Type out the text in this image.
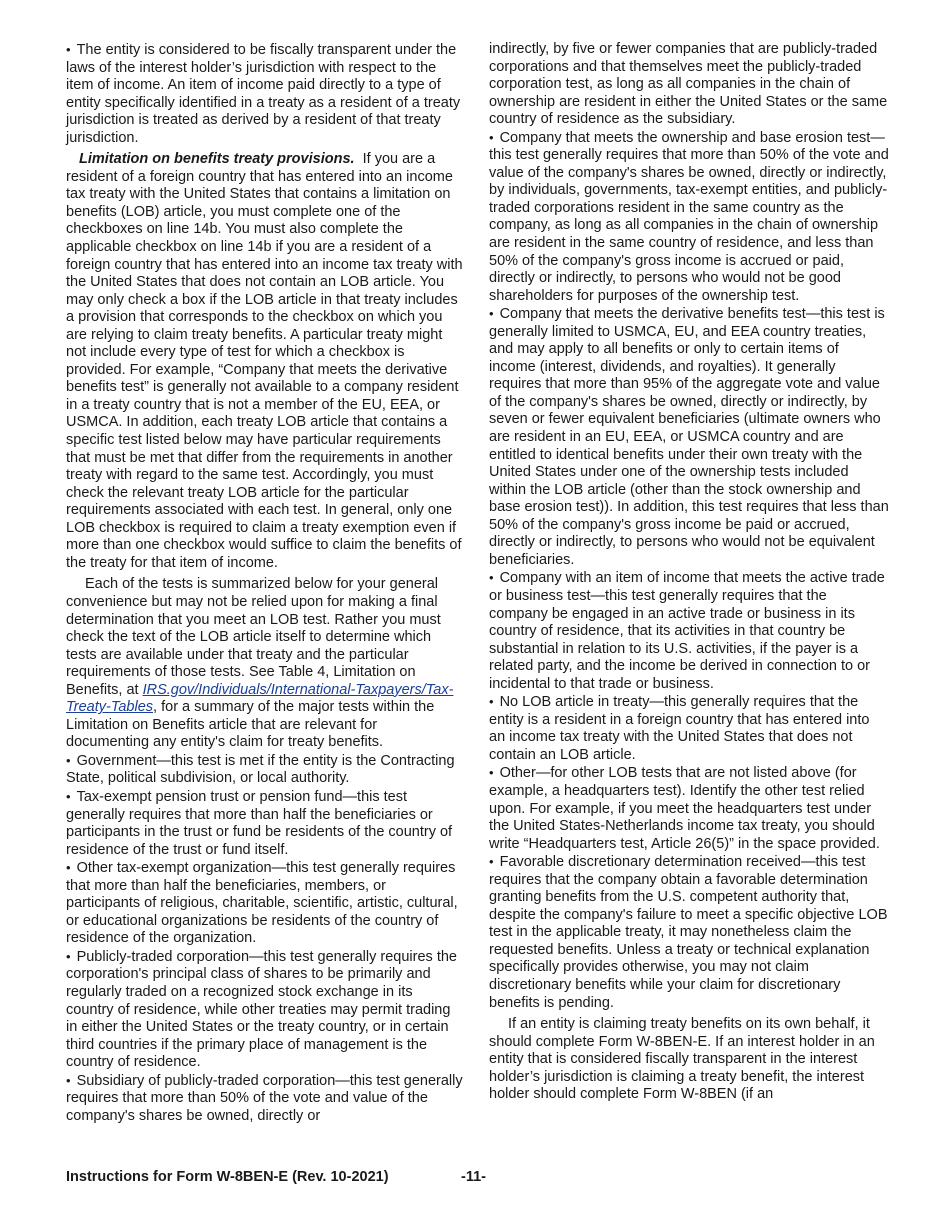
• The entity is considered to be fiscally transparent under the laws of the interest holder’s jurisdiction with respect to the item of income. An item of income paid directly to a type of entity specifically identified in a treaty as a resident of a treaty jurisdiction is treated as derived by a resident of that treaty jurisdiction.

Limitation on benefits treaty provisions. If you are a resident of a foreign country that has entered into an income tax treaty with the United States that contains a limitation on benefits (LOB) article, you must complete one of the checkboxes on line 14b. You must also complete the applicable checkbox on line 14b if you are a resident of a foreign country that has entered into an income tax treaty with the United States that does not contain an LOB article. You may only check a box if the LOB article in that treaty includes a provision that corresponds to the checkbox on which you are relying to claim treaty benefits. A particular treaty might not include every type of test for which a checkbox is provided. For example, “Company that meets the derivative benefits test” is generally not available to a company resident in a treaty country that is not a member of the EU, EEA, or USMCA. In addition, each treaty LOB article that contains a specific test listed below may have particular requirements that must be met that differ from the requirements in another treaty with regard to the same test. Accordingly, you must check the relevant treaty LOB article for the particular requirements associated with each test. In general, only one LOB checkbox is required to claim a treaty exemption even if more than one checkbox would suffice to claim the benefits of the treaty for that item of income.

Each of the tests is summarized below for your general convenience but may not be relied upon for making a final determination that you meet an LOB test. Rather you must check the text of the LOB article itself to determine which tests are available under that treaty and the particular requirements of those tests. See Table 4, Limitation on Benefits, at IRS.gov/Individuals/International-Taxpayers/Tax-Treaty-Tables, for a summary of the major tests within the Limitation on Benefits article that are relevant for documenting any entity's claim for treaty benefits.

• Government—this test is met if the entity is the Contracting State, political subdivision, or local authority.

• Tax-exempt pension trust or pension fund—this test generally requires that more than half the beneficiaries or participants in the trust or fund be residents of the country of residence of the trust or fund itself.

• Other tax-exempt organization—this test generally requires that more than half the beneficiaries, members, or participants of religious, charitable, scientific, artistic, cultural, or educational organizations be residents of the country of residence of the organization.

• Publicly-traded corporation—this test generally requires the corporation's principal class of shares to be primarily and regularly traded on a recognized stock exchange in its country of residence, while other treaties may permit trading in either the United States or the treaty country, or in certain third countries if the primary place of management is the country of residence.

• Subsidiary of publicly-traded corporation—this test generally requires that more than 50% of the vote and value of the company's shares be owned, directly or

indirectly, by five or fewer companies that are publicly-traded corporations and that themselves meet the publicly-traded corporation test, as long as all companies in the chain of ownership are resident in either the United States or the same country of residence as the subsidiary.

• Company that meets the ownership and base erosion test—this test generally requires that more than 50% of the vote and value of the company's shares be owned, directly or indirectly, by individuals, governments, tax-exempt entities, and publicly-traded corporations resident in the same country as the company, as long as all companies in the chain of ownership are resident in the same country of residence, and less than 50% of the company's gross income is accrued or paid, directly or indirectly, to persons who would not be good shareholders for purposes of the ownership test.

• Company that meets the derivative benefits test—this test is generally limited to USMCA, EU, and EEA country treaties, and may apply to all benefits or only to certain items of income (interest, dividends, and royalties). It generally requires that more than 95% of the aggregate vote and value of the company's shares be owned, directly or indirectly, by seven or fewer equivalent beneficiaries (ultimate owners who are resident in an EU, EEA, or USMCA country and are entitled to identical benefits under their own treaty with the United States under one of the ownership tests included within the LOB article (other than the stock ownership and base erosion test)). In addition, this test requires that less than 50% of the company's gross income be paid or accrued, directly or indirectly, to persons who would not be equivalent beneficiaries.

• Company with an item of income that meets the active trade or business test—this test generally requires that the company be engaged in an active trade or business in its country of residence, that its activities in that country be substantial in relation to its U.S. activities, if the payer is a related party, and the income be derived in connection to or incidental to that trade or business.

• No LOB article in treaty—this generally requires that the entity is a resident in a foreign country that has entered into an income tax treaty with the United States that does not contain an LOB article.

• Other—for other LOB tests that are not listed above (for example, a headquarters test). Identify the other test relied upon. For example, if you meet the headquarters test under the United States-Netherlands income tax treaty, you should write “Headquarters test, Article 26(5)” in the space provided.

• Favorable discretionary determination received—this test requires that the company obtain a favorable determination granting benefits from the U.S. competent authority that, despite the company's failure to meet a specific objective LOB test in the applicable treaty, it may nonetheless claim the requested benefits. Unless a treaty or technical explanation specifically provides otherwise, you may not claim discretionary benefits while your claim for discretionary benefits is pending.

If an entity is claiming treaty benefits on its own behalf, it should complete Form W-8BEN-E. If an interest holder in an entity that is considered fiscally transparent in the interest holder’s jurisdiction is claiming a treaty benefit, the interest holder should complete Form W-8BEN (if an

Instructions for Form W-8BEN-E (Rev. 10-2021)	-11-
